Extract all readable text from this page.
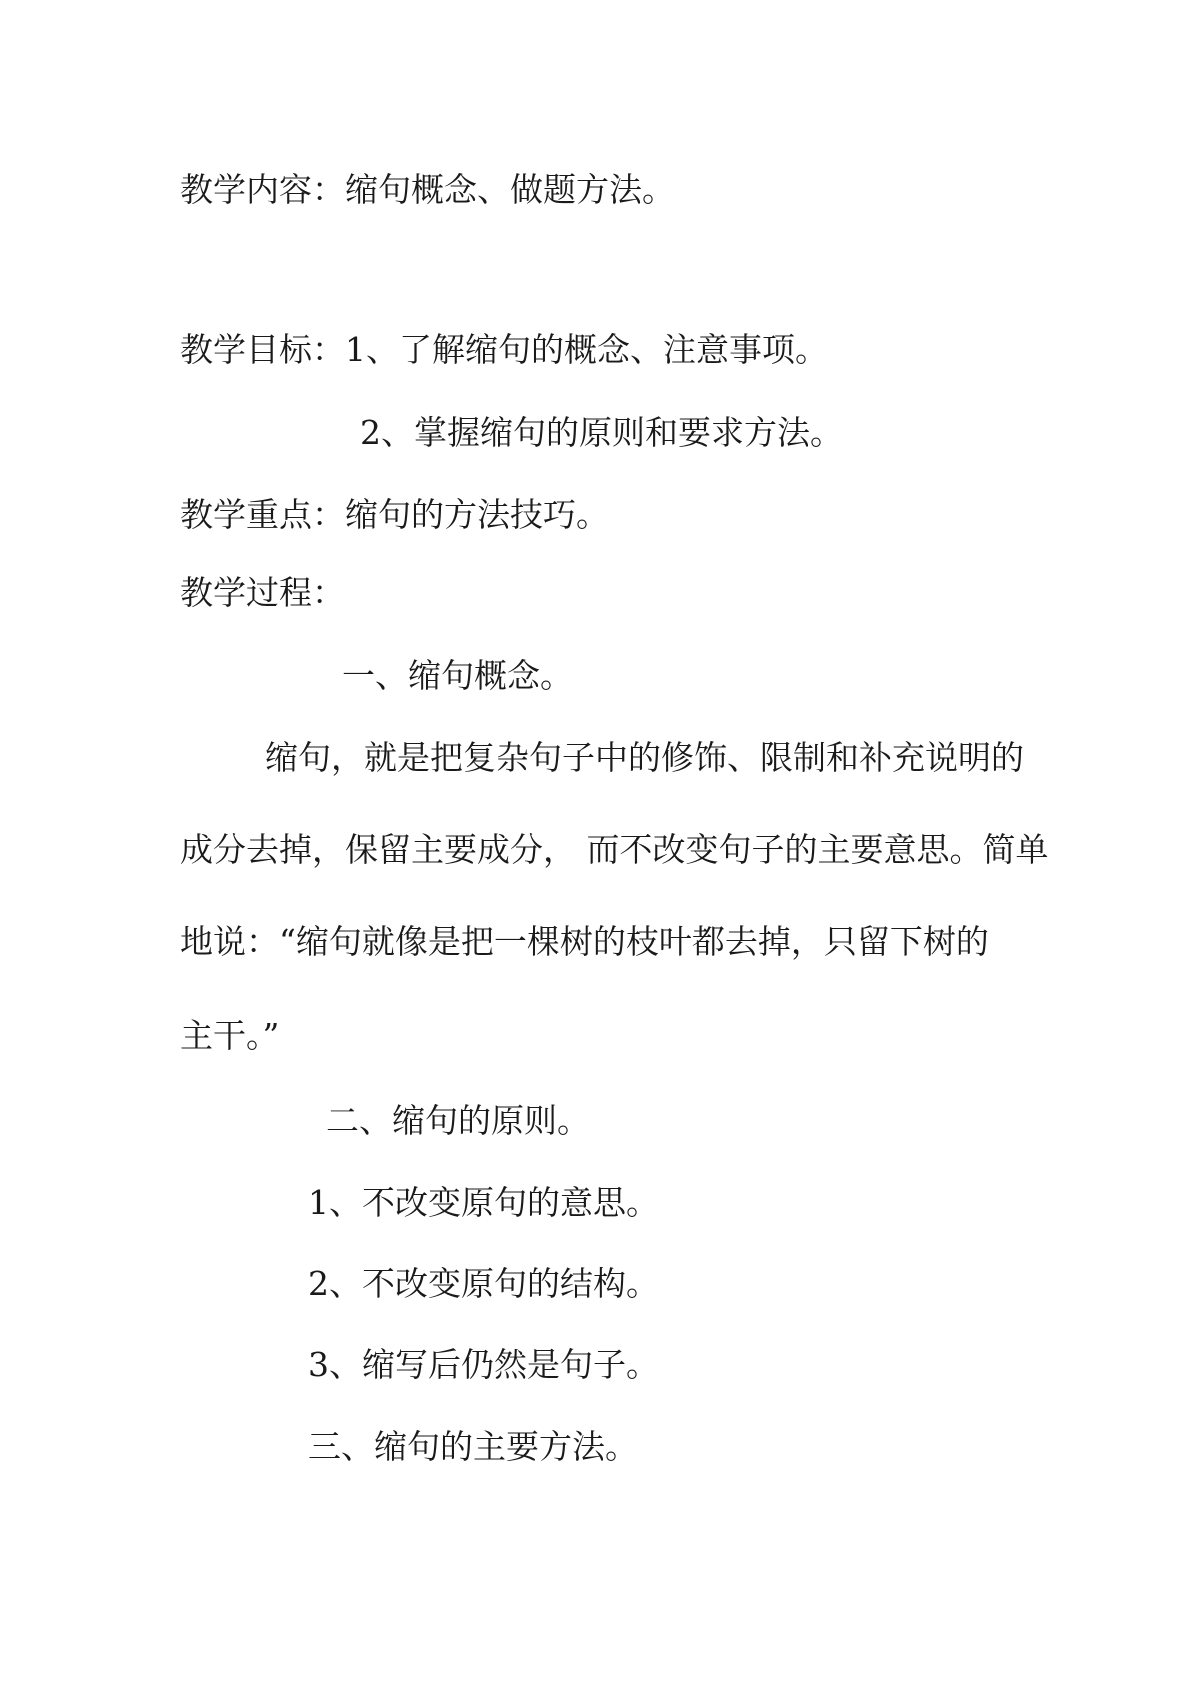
教学内容：缩句概念、做题方法。
教学目标：1、了解缩句的概念、注意事项。
2、掌握缩句的原则和要求方法。
教学重点：缩句的方法技巧。
教学过程：
一、缩句概念。
缩句，就是把复杂句子中的修饰、限制和补充说明的
成分去掉，保留主要成分， 而不改变句子的主要意思。简单
地说：“缩句就像是把一棵树的枝叶都去掉，只留下树的
主干。”
二、缩句的原则。
1、不改变原句的意思。
2、不改变原句的结构。
3、缩写后仍然是句子。
三、缩句的主要方法。
